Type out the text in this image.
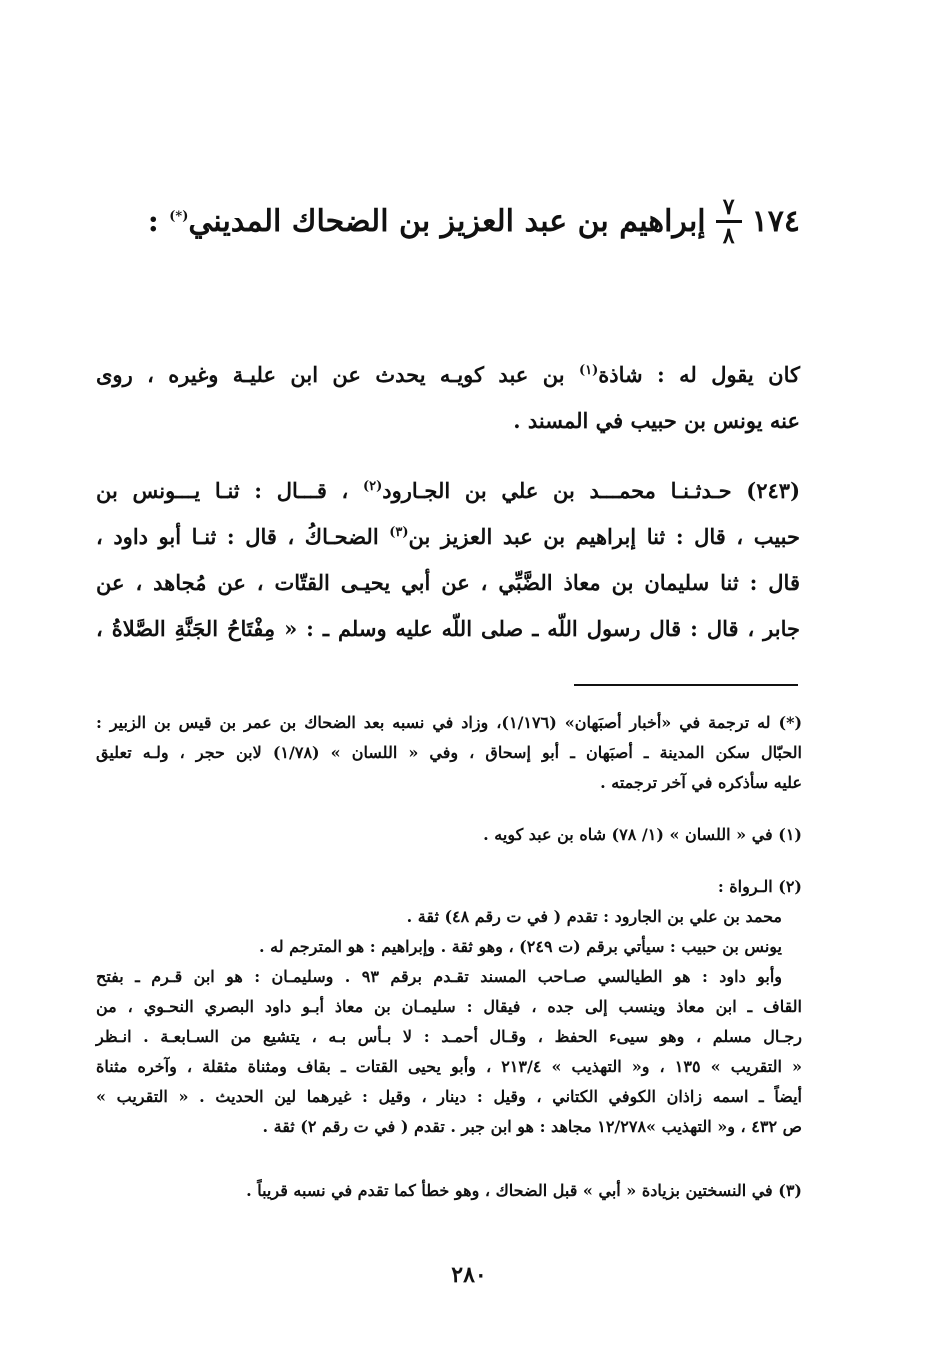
١٧٤
$\frac{٧}{٨}$
إبراهيم بن عبد العزيز بن الضحاك المديني(*) :
كان يقول له : شاذة$^{(١)}$ بن عبد كويـه يحدث عن ابن عليـة وغيره ، روى
عنه يونس بن حبيب في المسند .
(٢٤٣) حـدثـنـا محمـــد بن علي بن الجـارود$^{(٢)}$ ، قـــال : ثنـا يـــونس بن
حبيب ، قال : ثنا إبراهيم بن عبد العزيز بن$^{(٣)}$ الضحـاكُ ، قال : ثنـا أبو داود ،
قال : ثنا سليمان بن معاذ الضَّبِّي ، عن أبي يحيـى القتّات ، عن مُجاهد ، عن
جابر ، قال : قال رسول اللّه ـ صلى اللّه عليه وسلم ـ : « مِفْتَاحُ الجَنَّةِ الصَّلاةُ ،
(*) له ترجمة في «أخبار أصبَهان» (١/١٧٦)، وزاد في نسبه بعد الضحاك بن عمر بن قيس بن الزبير :
الحبّال سكن المدينة ـ أصبَهان ـ أبو إسحاق ، وفي « اللسان » (١/٧٨) لابن حجر ، ولـه تعليق
عليه سأذكره في آخر ترجمته .
(١) في « اللسان » (١/ ٧٨) شاه بن عبد كويه .
(٢) الـرواة :
محمد بن علي بن الجارود : تقدم ( في ت رقم ٤٨) ثقة .
يونس بن حبيب : سيأتي برقم (ت ٢٤٩) ، وهو ثقة . وإبراهيم : هو المترجم له .
وأبو داود : هو الطيالسي صـاحب المسند تقـدم برقم ٩٣ . وسليمـان : هو ابن قـرم ـ بفتح
القاف ـ ابن معاذ وينسب إلى جده ، فيقال : سليمـان بن معاذ أبـو داود البصري النحـوي ، من
رجـال مسلم ، وهو سيىء الحفظ ، وقـال أحمـد : لا بـأس بـه ، يتشيع من السـابعـة . انـظر
« التقريب » ١٣٥ ، و« التهذيب » ٢١٣/٤ ، وأبو يحيى القتات ـ بقاف ومثناة مثقلة ، وآخره مثناة
أيضاً ـ اسمه زاذان الكوفي الكتاني ، وقيل : دينار ، وقيل : غيرهما لين الحديث . « التقريب »
ص ٤٣٢ ، و« التهذيب »١٢/٢٧٨ مجاهد : هو ابن جبر . تقدم ( في ت رقم ٢) ثقة .
(٣) في النسختين بزيادة « أبي » قبل الضحاك ، وهو خطأ كما تقدم في نسبه قريباً .
٢٨٠
